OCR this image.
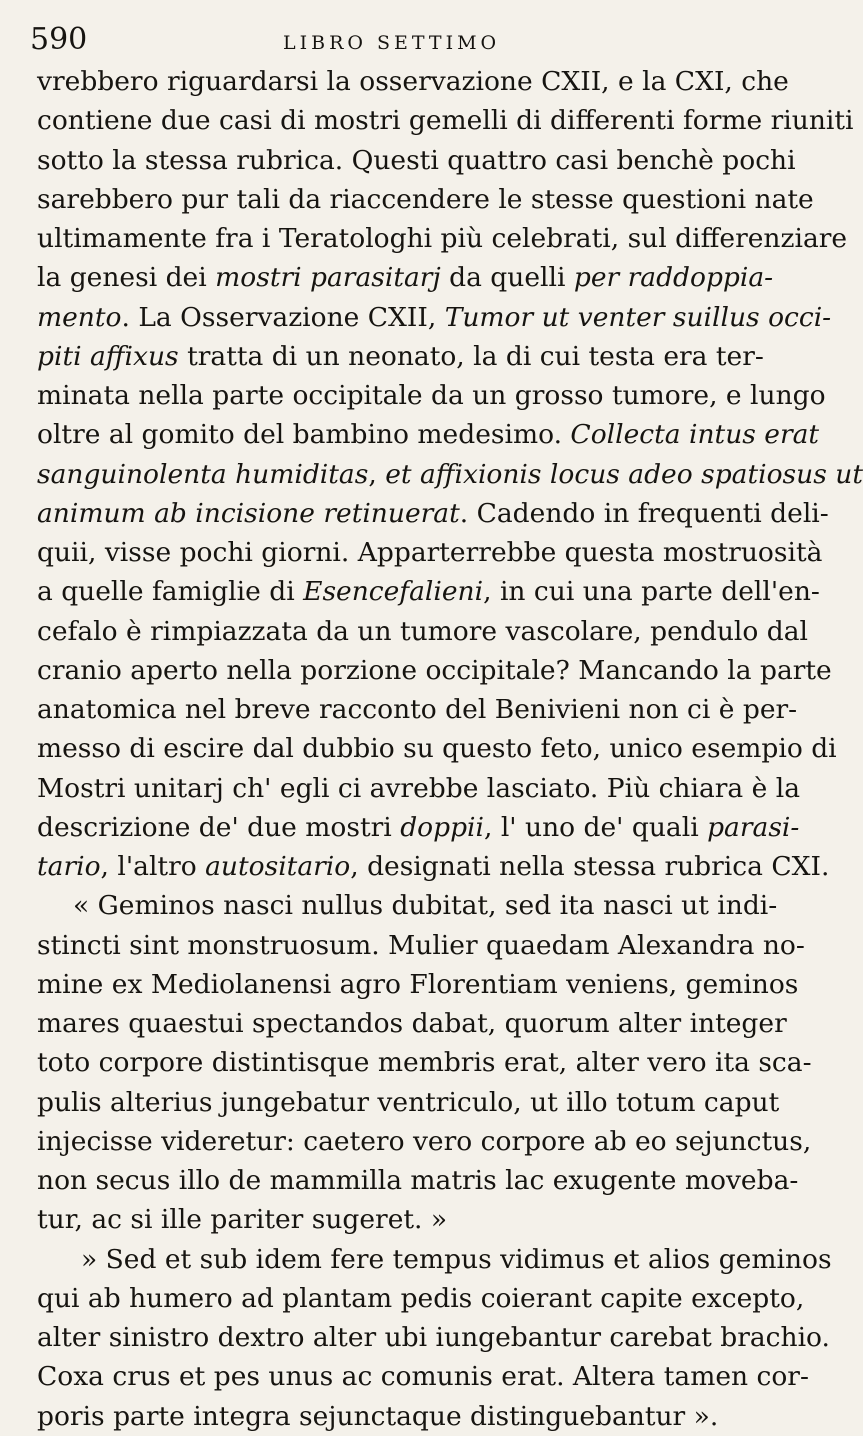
590	LIBRO SETTIMO
vrebbero riguardarsi la osservazione CXII, e la CXI, che
contiene due casi di mostri gemelli di differenti forme riuniti
sotto la stessa rubrica. Questi quattro casi benchè pochi
sarebbero pur tali da riaccendere le stesse questioni nate
ultimamente fra i Teratologhi più celebrati, sul differenziare
la genesi dei mostri parasitarj da quelli per raddoppia-
mento. La Osservazione CXII, Tumor ut venter suillus occi-
piti affixus tratta di un neonato, la di cui testa era ter-
minata nella parte occipitale da un grosso tumore, e lungo
oltre al gomito del bambino medesimo. Collecta intus erat
sanguinolenta humiditas, et affixionis locus adeo spatiosus ut
animum ab incisione retinuerat. Cadendo in frequenti deli-
quii, visse pochi giorni. Apparterrebbe questa mostruosità
a quelle famiglie di Esencefalieni, in cui una parte dell'en-
cefalo è rimpiazzata da un tumore vascolare, pendulo dal
cranio aperto nella porzione occipitale? Mancando la parte
anatomica nel breve racconto del Benivieni non ci è per-
messo di escire dal dubbio su questo feto, unico esempio di
Mostri unitarj ch' egli ci avrebbe lasciato. Più chiara è la
descrizione de' due mostri doppii, l' uno de' quali parasi-
tario, l'altro autositario, designati nella stessa rubrica CXI.
« Geminos nasci nullus dubitat, sed ita nasci ut indi-
stincti sint monstruosum. Mulier quaedam Alexandra no-
mine ex Mediolanensi agro Florentiam veniens, geminos
mares quaestui spectandos dabat, quorum alter integer
toto corpore distintisque membris erat, alter vero ita sca-
pulis alterius jungebatur ventriculo, ut illo totum caput
injecisse videretur: caetero vero corpore ab eo sejunctus,
non secus illo de mammilla matris lac exugente moveba-
tur, ac si ille pariter sugeret. »
» Sed et sub idem fere tempus vidimus et alios geminos
qui ab humero ad plantam pedis coierant capite excepto,
alter sinistro dextro alter ubi iungebantur carebat brachio.
Coxa crus et pes unus ac comunis erat. Altera tamen cor-
poris parte integra sejunctaque distinguebantur ».
